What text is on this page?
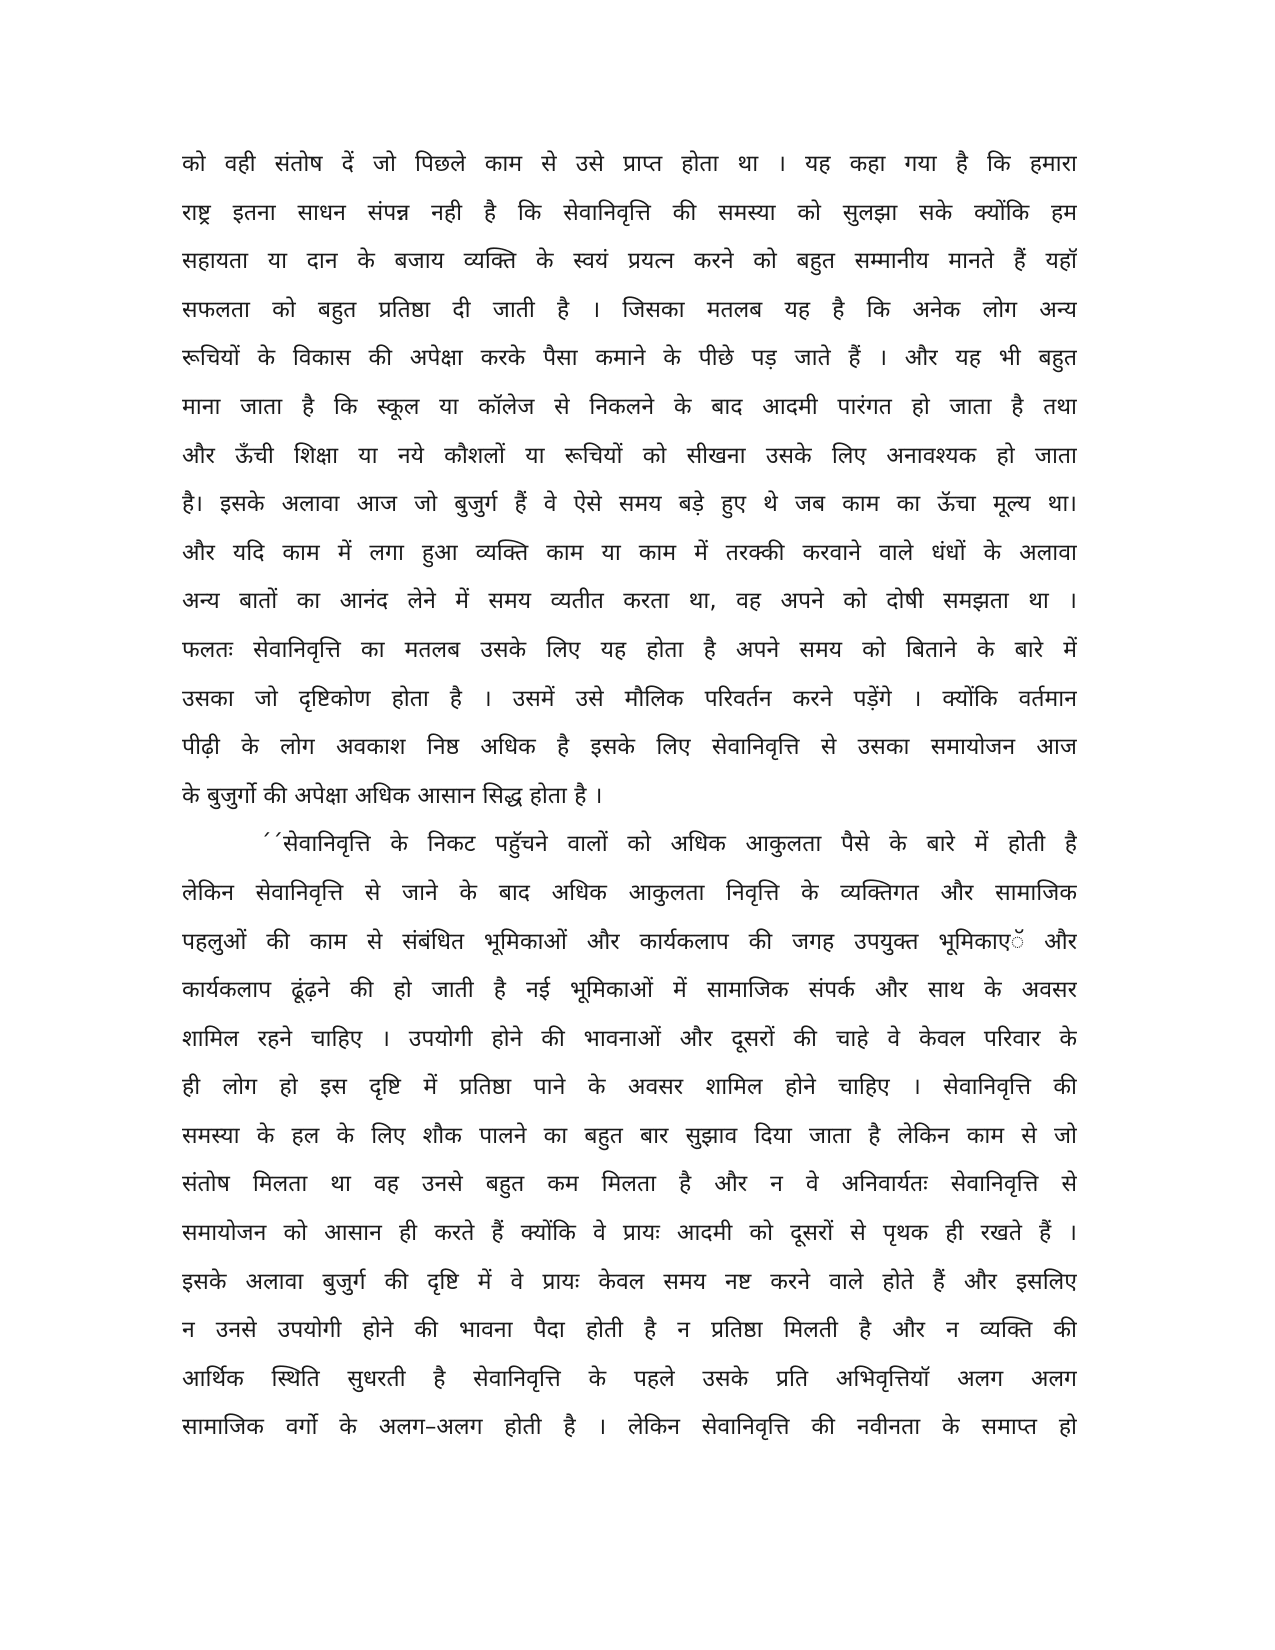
को वही संतोष दें जो पिछले काम से उसे प्राप्त होता था । यह कहा गया है कि हमारा
राष्ट्र इतना साधन संपन्न नही है कि सेवानिवृत्ति की समस्या को सुलझा सके क्योंकि हम
सहायता या दान के बजाय व्यक्ति के स्वयं प्रयत्न करने को बहुत सम्मानीय मानते हैं यहॉ
सफलता को बहुत प्रतिष्ठा दी जाती है । जिसका मतलब यह है कि अनेक लोग अन्य
रूचियों के विकास की अपेक्षा करके पैसा कमाने के पीछे पड़ जाते हैं । और यह भी बहुत
माना जाता है कि स्कूल या कॉलेज से निकलने के बाद आदमी पारंगत हो जाता है तथा
और ऊँची शिक्षा या नये कौशलों या रूचियों को सीखना उसके लिए अनावश्यक हो जाता
है। इसके अलावा आज जो बुजुर्ग हैं वे ऐसे समय बड़े हुए थे जब काम का ऊॅचा मूल्य था।
और यदि काम में लगा हुआ व्यक्ति काम या काम में तरक्की करवाने वाले धंधों के अलावा
अन्य बातों का आनंद लेने में समय व्यतीत करता था, वह अपने को दोषी समझता था ।
फलतः सेवानिवृत्ति का मतलब उसके लिए यह होता है अपने समय को बिताने के बारे में
उसका जो दृष्टिकोण होता है । उसमें उसे मौलिक परिवर्तन करने पड़ेंगे । क्योंकि वर्तमान
पीढ़ी के लोग अवकाश निष्ठ अधिक है इसके लिए सेवानिवृत्ति से उसका समायोजन आज
के बुजुर्गो की अपेक्षा अधिक आसान सिद्ध होता है ।
´´सेवानिवृत्ति के निकट पहुॅचने वालों को अधिक आकुलता पैसे के बारे में होती है
लेकिन सेवानिवृत्ति से जाने के बाद अधिक आकुलता निवृत्ति के व्यक्तिगत और सामाजिक
पहलुओं की काम से संबंधित भूमिकाओं और कार्यकलाप की जगह उपयुक्त भूमिकाएॅ और
कार्यकलाप ढूंढ़ने की हो जाती है नई भूमिकाओं में सामाजिक संपर्क और साथ के अवसर
शामिल रहने चाहिए । उपयोगी होने की भावनाओं और दूसरों की चाहे वे केवल परिवार के
ही लोग हो इस दृष्टि में प्रतिष्ठा पाने के अवसर शामिल होने चाहिए । सेवानिवृत्ति की
समस्या के हल के लिए शौक पालने का बहुत बार सुझाव दिया जाता है लेकिन काम से जो
संतोष मिलता था वह उनसे बहुत कम मिलता है और न वे अनिवार्यतः सेवानिवृत्ति से
समायोजन को आसान ही करते हैं क्योंकि वे प्रायः आदमी को दूसरों से पृथक ही रखते हैं ।
इसके अलावा बुजुर्ग की दृष्टि में वे प्रायः केवल समय नष्ट करने वाले होते हैं और इसलिए
न उनसे उपयोगी होने की भावना पैदा होती है न प्रतिष्ठा मिलती है और न व्यक्ति की
आर्थिक स्थिति सुधरती है सेवानिवृत्ति के पहले उसके प्रति अभिवृत्तियॉ अलग अलग
सामाजिक वर्गो के अलग–अलग होती है । लेकिन सेवानिवृत्ति की नवीनता के समाप्त हो
